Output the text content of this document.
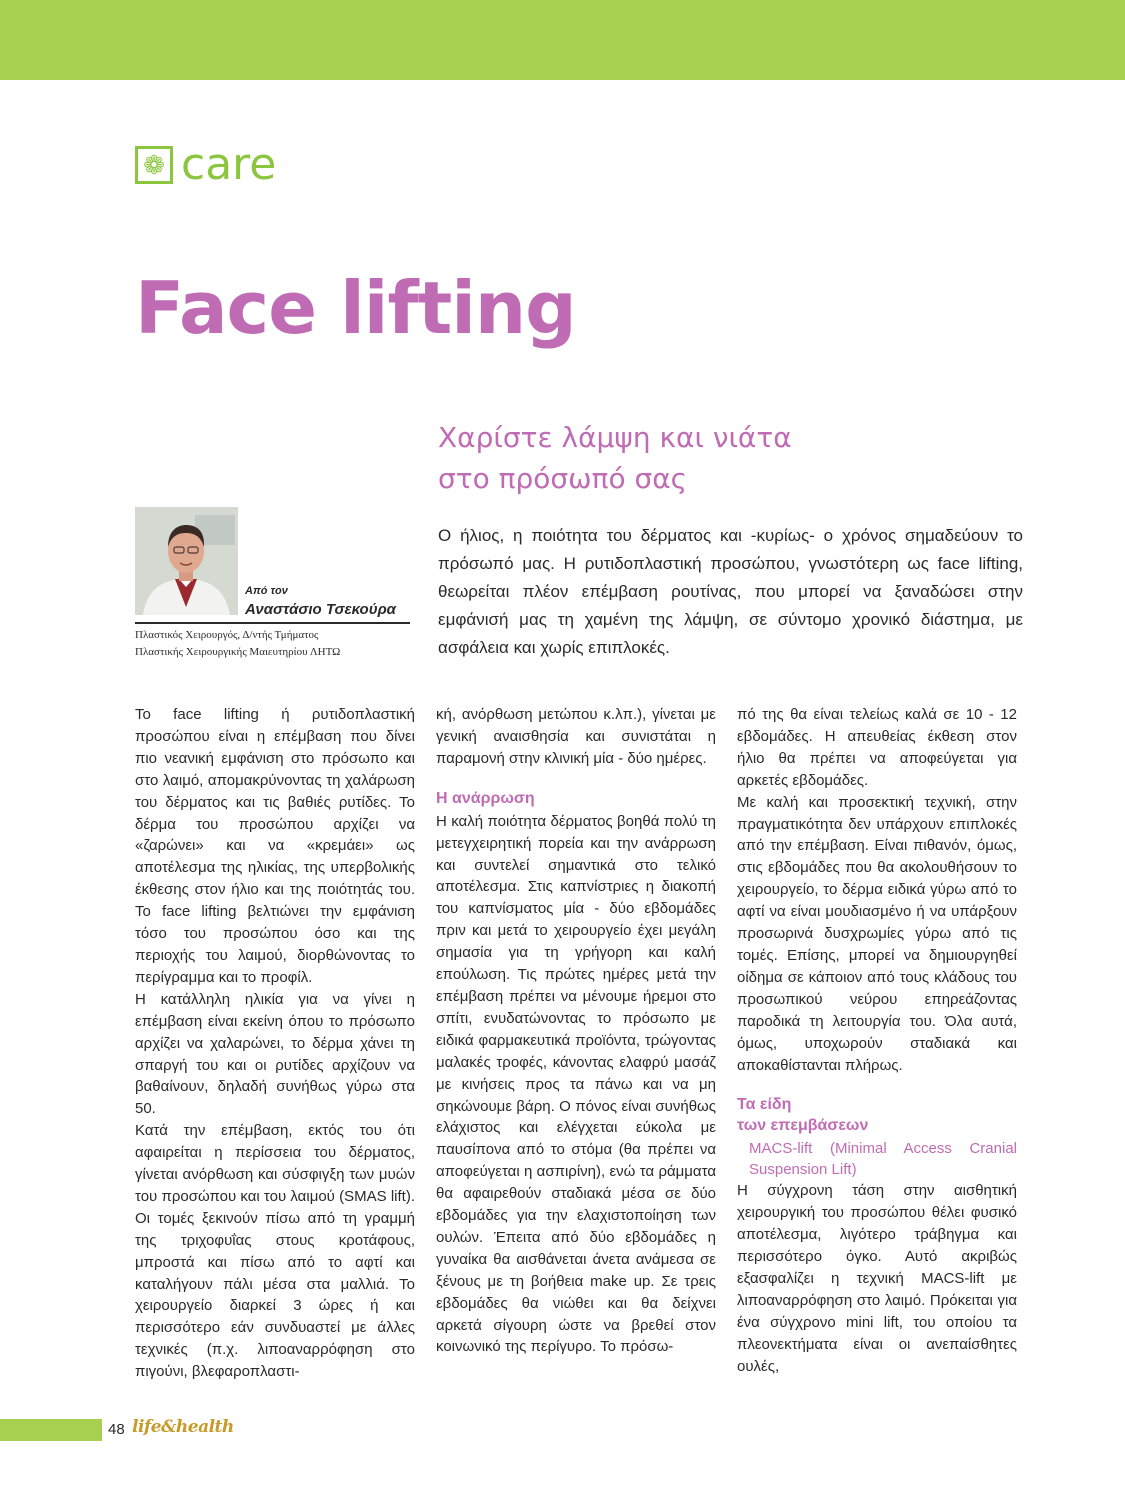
❁ care
Face lifting
Χαρίστε λάμψη και νιάτα
στο πρόσωπό σας

Ο ήλιος, η ποιότητα του δέρματος και -κυρίως- ο χρόνος σημαδεύουν το πρόσωπό μας. Η ρυτιδοπλαστική προσώπου, γνωστότερη ως face lifting, θεωρείται πλέον επέμβαση ρουτίνας, που μπορεί να ξαναδώσει στην εμφάνισή μας τη χαμένη της λάμψη, σε σύντομο χρονικό διάστημα, με ασφάλεια και χωρίς επιπλοκές.

Από τον
Αναστάσιο Τσεκούρα
Πλαστικός Χειρουργός, Δ/ντής Τμήματος
Πλαστικής Χειρουργικής Μαιευτηρίου ΛΗΤΩ

Το face lifting ή ρυτιδοπλαστική προσώπου είναι η επέμβαση που δίνει πιο νεανική εμφάνιση στο πρόσωπο και στο λαιμό, απομακρύνοντας τη χαλάρωση του δέρματος και τις βαθιές ρυτίδες. Το δέρμα του προσώπου αρχίζει να «ζαρώνει» και να «κρεμάει» ως αποτέλεσμα της ηλικίας, της υπερβολικής έκθεσης στον ήλιο και της ποιότητάς του. Το face lifting βελτιώνει την εμφάνιση τόσο του προσώπου όσο και της περιοχής του λαιμού, διορθώνοντας το περίγραμμα και το προφίλ.

Η κατάλληλη ηλικία για να γίνει η επέμβαση είναι εκείνη όπου το πρόσωπο αρχίζει να χαλαρώνει, το δέρμα χάνει τη σπαργή του και οι ρυτίδες αρχίζουν να βαθαίνουν, δηλαδή συνήθως γύρω στα 50.

Κατά την επέμβαση, εκτός του ότι αφαιρείται η περίσσεια του δέρματος, γίνεται ανόρθωση και σύσφιγξη των μυών του προσώπου και του λαιμού (SMAS lift). Οι τομές ξεκινούν πίσω από τη γραμμή της τριχοφυΐας στους κροτάφους, μπροστά και πίσω από το αφτί και καταλήγουν πάλι μέσα στα μαλλιά. Το χειρουργείο διαρκεί 3 ώρες ή και περισσότερο εάν συνδυαστεί με άλλες τεχνικές (π.χ. λιποαναρρόφηση στο πιγούνι, βλεφαροπλαστι-

κή, ανόρθωση μετώπου κ.λπ.), γίνεται με γενική αναισθησία και συνιστάται η παραμονή στην κλινική μία - δύο ημέρες.

Η ανάρρωση

Η καλή ποιότητα δέρματος βοηθά πολύ τη μετεγχειρητική πορεία και την ανάρρωση και συντελεί σημαντικά στο τελικό αποτέλεσμα. Στις καπνίστριες η διακοπή του καπνίσματος μία - δύο εβδομάδες πριν και μετά το χειρουργείο έχει μεγάλη σημασία για τη γρήγορη και καλή επούλωση. Τις πρώτες ημέρες μετά την επέμβαση πρέπει να μένουμε ήρεμοι στο σπίτι, ενυδατώνοντας το πρόσωπο με ειδικά φαρμακευτικά προϊόντα, τρώγοντας μαλακές τροφές, κάνοντας ελαφρύ μασάζ με κινήσεις προς τα πάνω και να μη σηκώνουμε βάρη. Ο πόνος είναι συνήθως ελάχιστος και ελέγχεται εύκολα με παυσίπονα από το στόμα (θα πρέπει να αποφεύγεται η ασπιρίνη), ενώ τα ράμματα θα αφαιρεθούν σταδιακά μέσα σε δύο εβδομάδες για την ελαχιστοποίηση των ουλών. Έπειτα από δύο εβδομάδες η γυναίκα θα αισθάνεται άνετα ανάμεσα σε ξένους με τη βοήθεια make up. Σε τρεις εβδομάδες θα νιώθει και θα δείχνει αρκετά σίγουρη ώστε να βρεθεί στον κοινωνικό της περίγυρο. Το πρόσω-

πό της θα είναι τελείως καλά σε 10 - 12 εβδομάδες. Η απευθείας έκθεση στον ήλιο θα πρέπει να αποφεύγεται για αρκετές εβδομάδες.

Με καλή και προσεκτική τεχνική, στην πραγματικότητα δεν υπάρχουν επιπλοκές από την επέμβαση. Είναι πιθανόν, όμως, στις εβδομάδες που θα ακολουθήσουν το χειρουργείο, το δέρμα ειδικά γύρω από το αφτί να είναι μουδιασμένο ή να υπάρξουν προσωρινά δυσχρωμίες γύρω από τις τομές. Επίσης, μπορεί να δημιουργηθεί οίδημα σε κάποιον από τους κλάδους του προσωπικού νεύρου επηρεάζοντας παροδικά τη λειτουργία του. Όλα αυτά, όμως, υποχωρούν σταδιακά και αποκαθίστανται πλήρως.

Τα είδη
των επεμβάσεων
MACS-lift (Minimal Access Cranial Suspension Lift)

Η σύγχρονη τάση στην αισθητική χειρουργική του προσώπου θέλει φυσικό αποτέλεσμα, λιγότερο τράβηγμα και περισσότερο όγκο. Αυτό ακριβώς εξασφαλίζει η τεχνική MACS-lift με λιποαναρρόφηση στο λαιμό. Πρόκειται για ένα σύγχρονο mini lift, του οποίου τα πλεονεκτήματα είναι οι ανεπαίσθητες ουλές,

48 life&health
